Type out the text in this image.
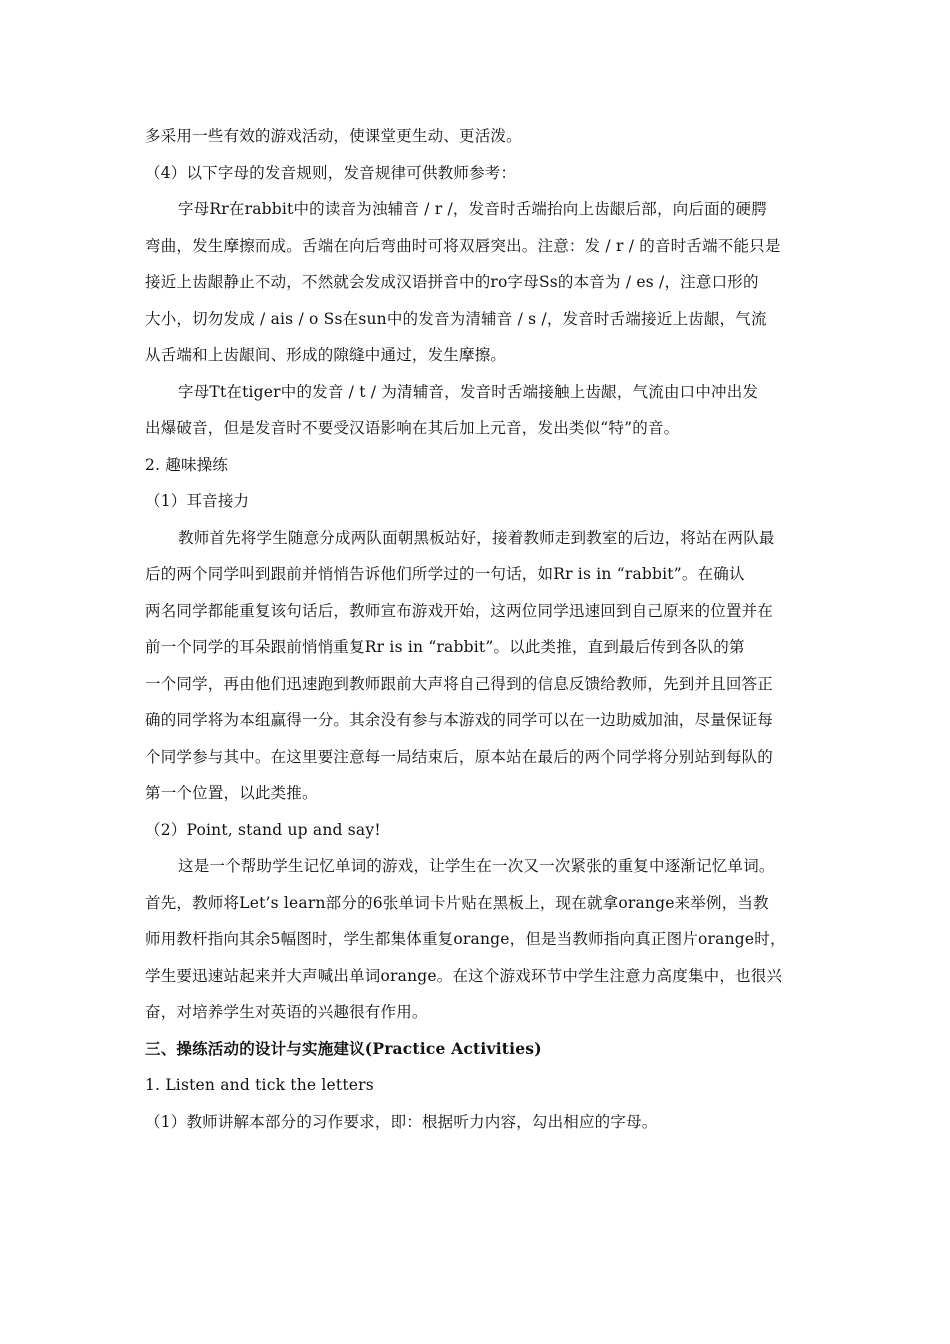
多采用一些有效的游戏活动，使课堂更生动、更活泼。
（4）以下字母的发音规则，发音规律可供教师参考：
字母Rr在rabbit中的读音为浊辅音 / r /，发音时舌端抬向上齿龈后部，向后面的硬腭
弯曲，发生摩擦而成。舌端在向后弯曲时可将双唇突出。注意：发 / r / 的音时舌端不能只是
接近上齿龈静止不动，不然就会发成汉语拼音中的ro字母Ss的本音为 / es /，注意口形的
大小，切勿发成 / ais / o Ss在sun中的发音为清辅音 / s /，发音时舌端接近上齿龈，气流
从舌端和上齿龈间、形成的隙缝中通过，发生摩擦。
字母Tt在tiger中的发音 / t / 为清辅音，发音时舌端接触上齿龈，气流由口中冲出发
出爆破音，但是发音时不要受汉语影响在其后加上元音，发出类似“特”的音。
2. 趣味操练
（1）耳音接力
教师首先将学生随意分成两队面朝黑板站好，接着教师走到教室的后边，将站在两队最
后的两个同学叫到跟前并悄悄告诉他们所学过的一句话，如Rr is in “rabbit”。在确认
两名同学都能重复该句话后，教师宣布游戏开始，这两位同学迅速回到自己原来的位置并在
前一个同学的耳朵跟前悄悄重复Rr is in “rabbit”。以此类推，直到最后传到各队的第
一个同学，再由他们迅速跑到教师跟前大声将自己得到的信息反馈给教师，先到并且回答正
确的同学将为本组赢得一分。其余没有参与本游戏的同学可以在一边助威加油，尽量保证每
个同学参与其中。在这里要注意每一局结束后，原本站在最后的两个同学将分别站到每队的
第一个位置，以此类推。
（2）Point, stand up and say!
这是一个帮助学生记忆单词的游戏，让学生在一次又一次紧张的重复中逐渐记忆单词。
首先，教师将Let’s learn部分的6张单词卡片贴在黑板上，现在就拿orange来举例，当教
师用教杆指向其余5幅图时，学生都集体重复orange，但是当教师指向真正图片orange时，
学生要迅速站起来并大声喊出单词orange。在这个游戏环节中学生注意力高度集中，也很兴
奋，对培养学生对英语的兴趣很有作用。
三、操练活动的设计与实施建议(Practice Activities)
1. Listen and tick the letters
（1）教师讲解本部分的习作要求，即：根据听力内容，勾出相应的字母。
